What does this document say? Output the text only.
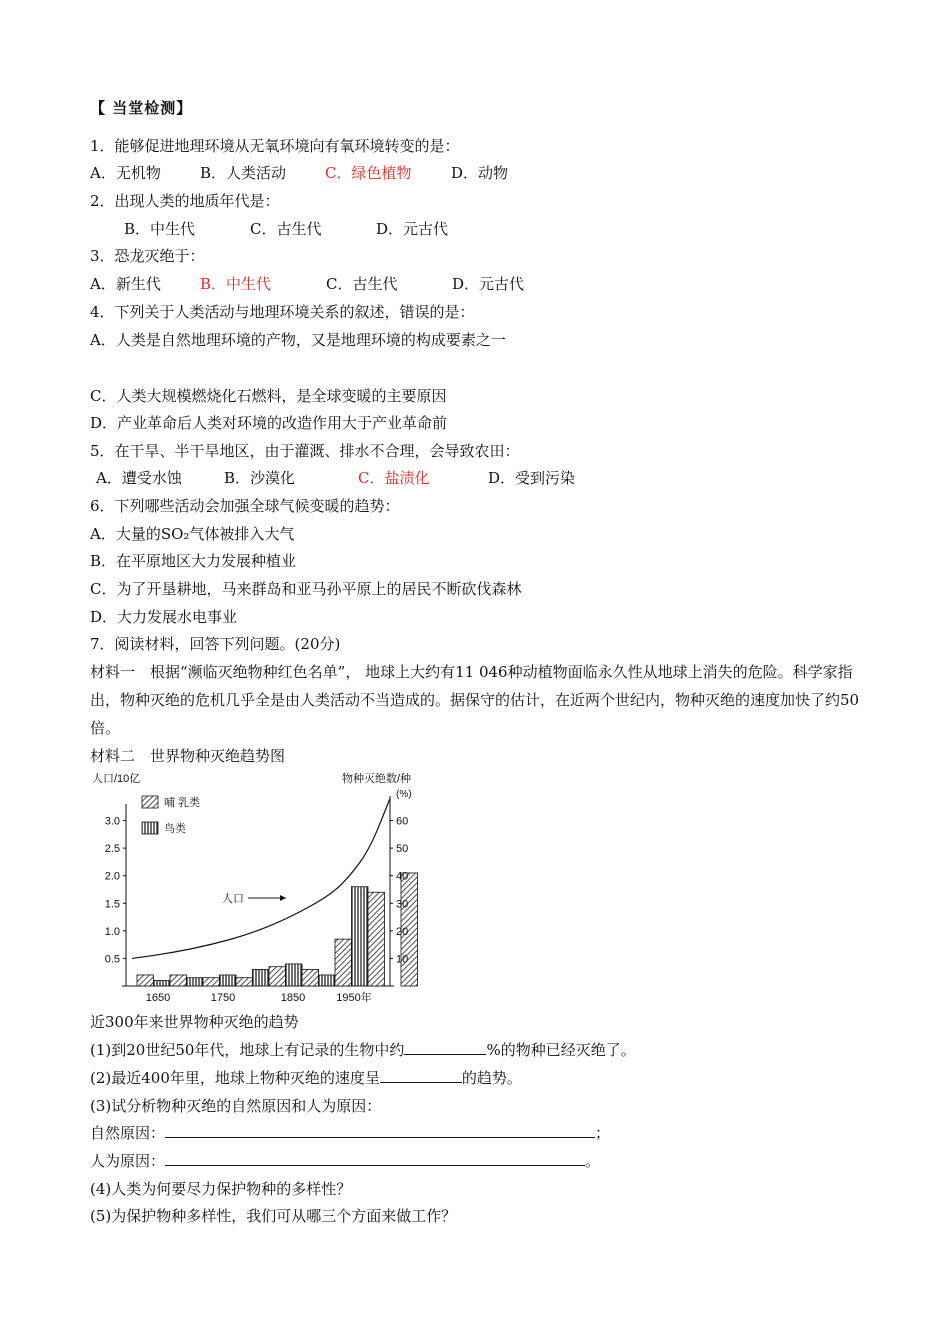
【 当堂检测】
1．能够促进地理环境从无氧环境向有氧环境转变的是：
A．无机物	B．人类活动	C．绿色植物	D．动物
2．出现人类的地质年代是：
B．中生代	C．古生代	D．元古代
3．恐龙灭绝于：
A．新生代	B．中生代	C．古生代	D．元古代
4．下列关于人类活动与地理环境关系的叙述，错误的是：
A．人类是自然地理环境的产物，又是地理环境的构成要素之一
C．人类大规模燃烧化石燃料，是全球变暖的主要原因
D．产业革命后人类对环境的改造作用大于产业革命前
5．在干旱、半干旱地区，由于灌溉、排水不合理，会导致农田：
A．遭受水蚀	B．沙漠化	C．盐渍化	D．受到污染
6．下列哪些活动会加强全球气候变暖的趋势：
A．大量的SO₂气体被排入大气
B．在平原地区大力发展种植业
C．为了开垦耕地，马来群岛和亚马孙平原上的居民不断砍伐森林
D．大力发展水电事业
7．阅读材料，回答下列问题。(20分)
材料一　根据“濒临灭绝物种红色名单”， 地球上大约有11 046种动植物面临永久性从地球上消失的危险。科学家指出，物种灭绝的危机几乎全是由人类活动不当造成的。据保守的估计，在近两个世纪内，物种灭绝的速度加快了约50倍。
材料二　世界物种灭绝趋势图
0.5
1.0
1.5
2.0
2.5
3.0
10
20
30
40
50
60
人口/10亿	物种灭绝数/种
(%)
1650	1750	1850	1950年
人口
哺 乳类
鸟类
近300年来世界物种灭绝的趋势
(1)到20世纪50年代，地球上有记录的生物中约	%的物种已经灭绝了。
(2)最近400年里，地球上物种灭绝的速度呈	的趋势。
(3)试分析物种灭绝的自然原因和人为原因：
自然原因：	；
人为原因：	。
(4)人类为何要尽力保护物种的多样性？
(5)为保护物种多样性，我们可从哪三个方面来做工作？
